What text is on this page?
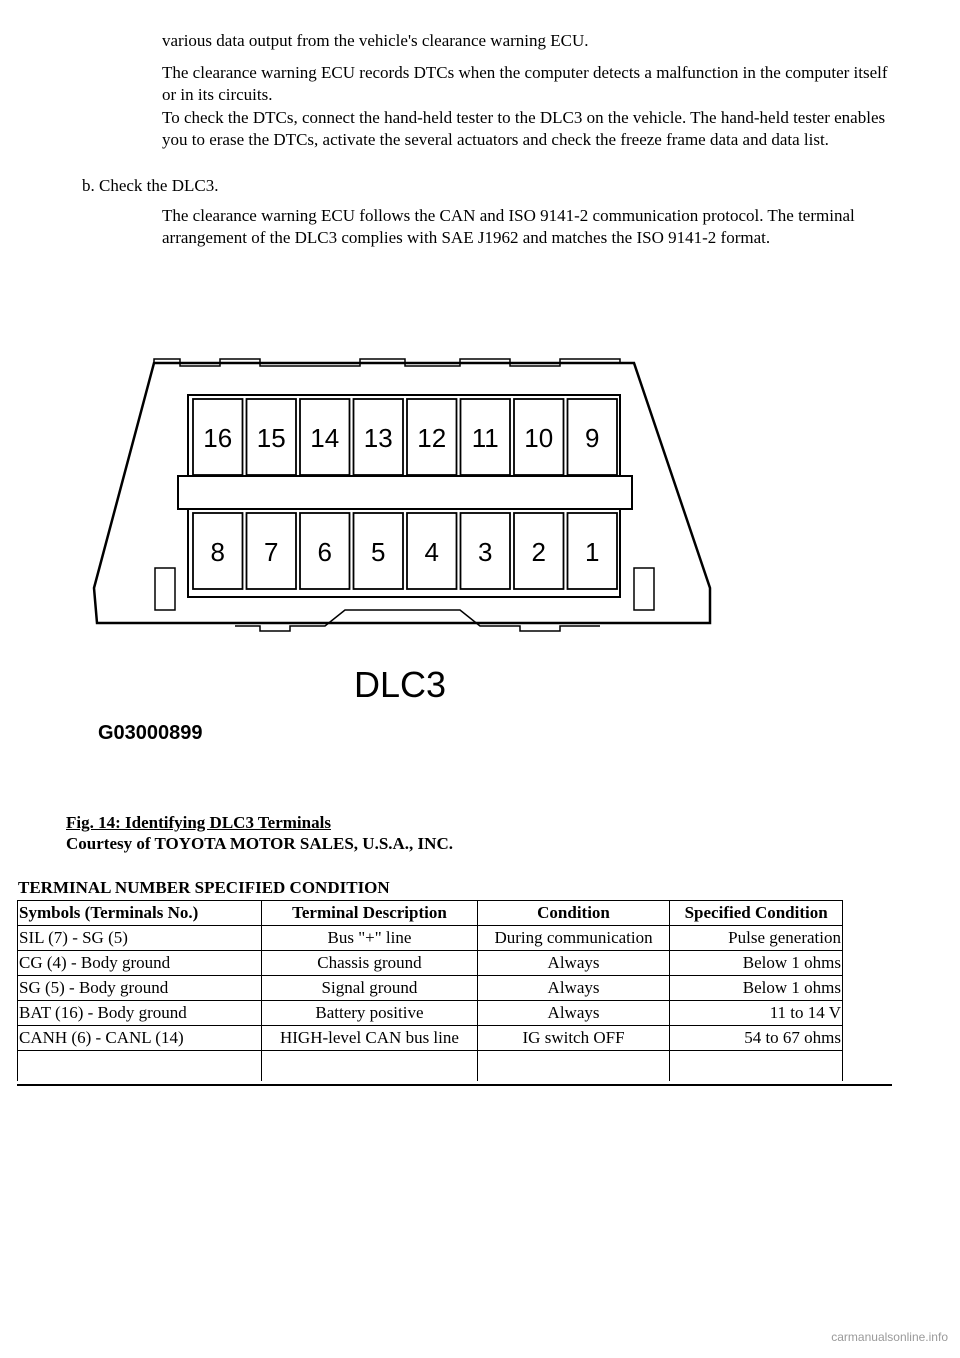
various data output from the vehicle's clearance warning ECU.

The clearance warning ECU records DTCs when the computer detects a malfunction in the computer itself or in its circuits.

To check the DTCs, connect the hand-held tester to the DLC3 on the vehicle. The hand-held tester enables you to erase the DTCs, activate the several actuators and check the freeze frame data and data list.

b. Check the DLC3.

The clearance warning ECU follows the CAN and ISO 9141-2 communication protocol. The terminal arrangement of the DLC3 complies with SAE J1962 and matches the ISO 9141-2 format.

16 15 14 13 12 11 10 9
8 7 6 5 4 3 2 1
DLC3
G03000899
Fig. 14: Identifying DLC3 Terminals
Courtesy of TOYOTA MOTOR SALES, U.S.A., INC.
TERMINAL NUMBER SPECIFIED CONDITION
Symbols (Terminals No.)	Terminal Description	Condition	Specified Condition
SIL (7) - SG (5)	Bus "+" line	During communication	Pulse generation
CG (4) - Body ground	Chassis ground	Always	Below 1 ohms
SG (5) - Body ground	Signal ground	Always	Below 1 ohms
BAT (16) - Body ground	Battery positive	Always	11 to 14 V
CANH (6) - CANL (14)	HIGH-level CAN bus line	IG switch OFF	54 to 67 ohms

carmanualsonline.info
